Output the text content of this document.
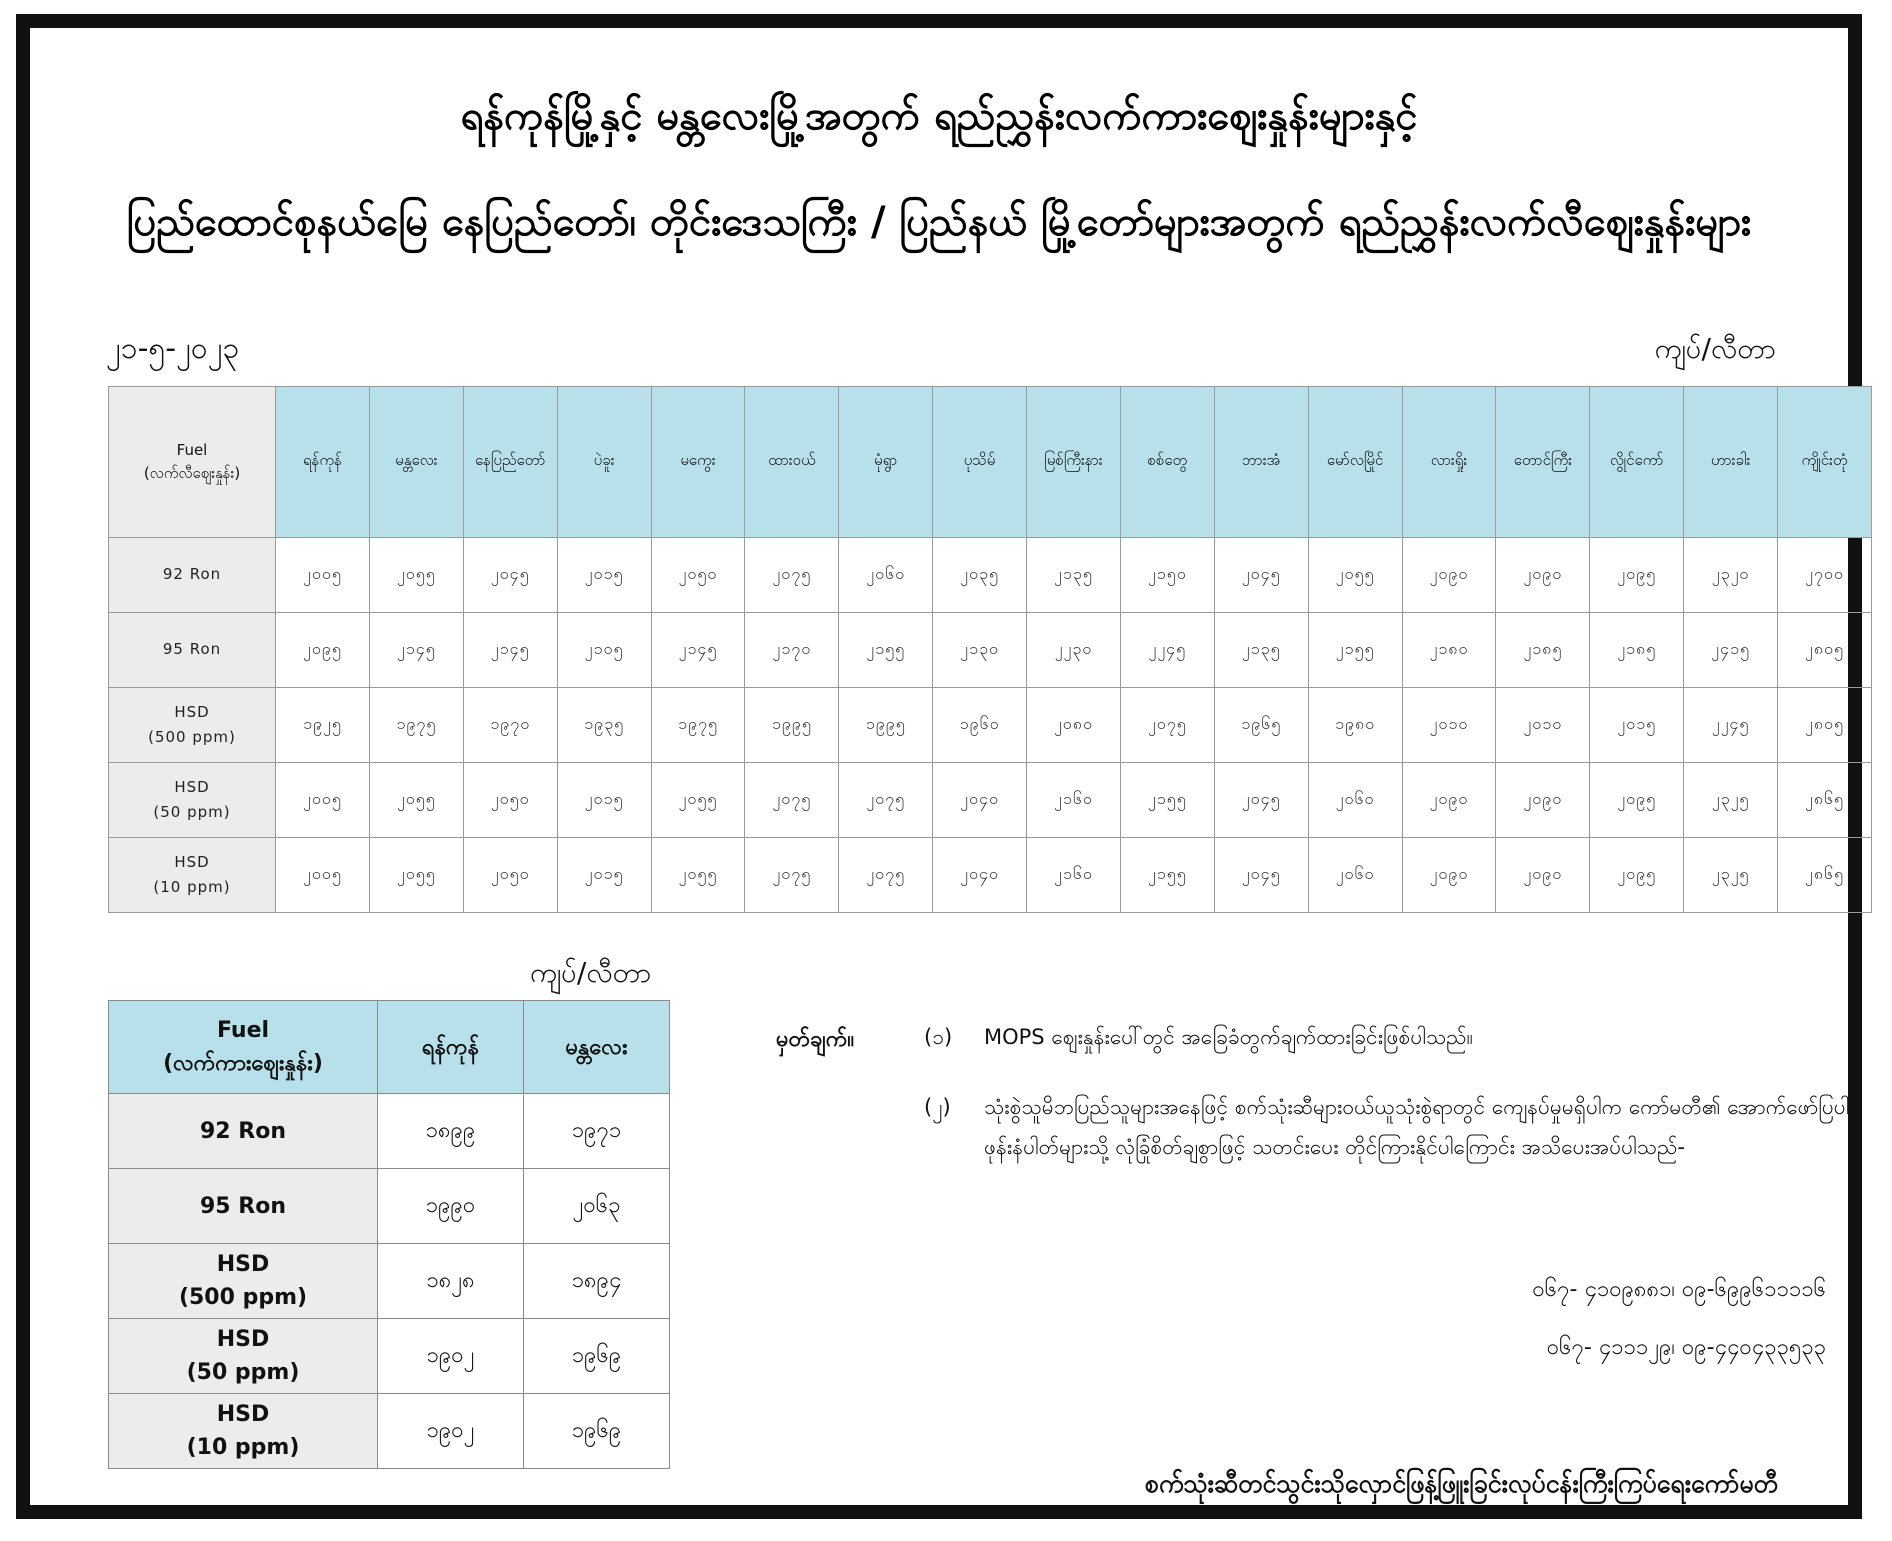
ရန်ကုန်မြို့နှင့် မန္တလေးမြို့အတွက် ရည်ညွှန်းလက်ကားဈေးနှုန်းများနှင့်
ပြည်ထောင်စုနယ်မြေ နေပြည်တော်၊ တိုင်းဒေသကြီး / ပြည်နယ် မြို့တော်များအတွက် ရည်ညွှန်းလက်လီဈေးနှုန်းများ
၂၁-၅-၂၀၂၃	ကျပ်/လီတာ
Fuel
(လက်လီဈေးနှုန်း)	ရန်ကုန်	မန္တလေး	နေပြည်တော်	ပဲခူး	မကွေး	ထားဝယ်	မုံရွာ	ပုသိမ်	မြစ်ကြီးနား	စစ်တွေ	ဘားအံ	မော်လမြိုင်	လားရှိုး	တောင်ကြီး	လွိုင်ကော်	ဟားခါး	ကျိုင်းတုံ

92 Ron	၂၀၀၅	၂၀၅၅	၂၀၄၅	၂၀၁၅	၂၀၅၀	၂၀၇၅	၂၀၆၀	၂၀၃၅	၂၁၃၅	၂၁၅၀	၂၀၄၅	၂၀၅၅	၂၀၉၀	၂၀၉၀	၂၀၉၅	၂၃၂၀	၂၇၀၀

95 Ron	၂၀၉၅	၂၁၄၅	၂၁၄၅	၂၁၀၅	၂၁၄၅	၂၁၇၀	၂၁၅၅	၂၁၃၀	၂၂၃၀	၂၂၄၅	၂၁၃၅	၂၁၅၅	၂၁၈၀	၂၁၈၅	၂၁၈၅	၂၄၁၅	၂၈၀၅

HSD
(500 ppm)	၁၉၂၅	၁၉၇၅	၁၉၇၀	၁၉၃၅	၁၉၇၅	၁၉၉၅	၁၉၉၅	၁၉၆၀	၂၀၈၀	၂၀၇၅	၁၉၆၅	၁၉၈၀	၂၀၁၀	၂၀၁၀	၂၀၁၅	၂၂၄၅	၂၈၀၅

HSD
(50 ppm)	၂၀၀၅	၂၀၅၅	၂၀၅၀	၂၀၁၅	၂၀၅၅	၂၀၇၅	၂၀၇၅	၂၀၄၀	၂၁၆၀	၂၁၅၅	၂၀၄၅	၂၀၆၀	၂၀၉၀	၂၀၉၀	၂၀၉၅	၂၃၂၅	၂၈၆၅

HSD
(10 ppm)	၂၀၀၅	၂၀၅၅	၂၀၅၀	၂၀၁၅	၂၀၅၅	၂၀၇၅	၂၀၇၅	၂၀၄၀	၂၁၆၀	၂၁၅၅	၂၀၄၅	၂၀၆၀	၂၀၉၀	၂၀၉၀	၂၀၉၅	၂၃၂၅	၂၈၆၅
ကျပ်/လီတာ
Fuel
(လက်ကားဈေးနှုန်း)	ရန်ကုန်	မန္တလေး

92 Ron	၁၈၉၉	၁၉၇၁

95 Ron	၁၉၉၀	၂၀၆၃

HSD
(500 ppm)	၁၈၂၈	၁၈၉၄

HSD
(50 ppm)	၁၉၀၂	၁၉၆၉

HSD
(10 ppm)	၁၉၀၂	၁၉၆၉
မှတ်ချက်။	(၁) MOPS ဈေးနှုန်းပေါ်တွင် အခြေခံတွက်ချက်ထားခြင်းဖြစ်ပါသည်။
(၂) သုံးစွဲသူမိဘပြည်သူများအနေဖြင့် စက်သုံးဆီများဝယ်ယူသုံးစွဲရာတွင် ကျေနပ်မှုမရှိပါက ကော်မတီ၏ အောက်ဖော်ပြပါဖုန်းနံပါတ်များသို့ လုံခြုံစိတ်ချစွာဖြင့် သတင်းပေး တိုင်ကြားနိုင်ပါကြောင်း အသိပေးအပ်ပါသည်-
၀၆၇- ၄၁၀၉၈၈၁၊ ၀၉-၆၉၉၆၁၁၁၁၆
၀၆၇- ၄၁၁၁၂၉၊ ၀၉-၄၄၀၄၃၃၅၃၃
စက်သုံးဆီတင်သွင်းသိုလှောင်ဖြန့်ဖြူးခြင်းလုပ်ငန်းကြီးကြပ်ရေးကော်မတီ
